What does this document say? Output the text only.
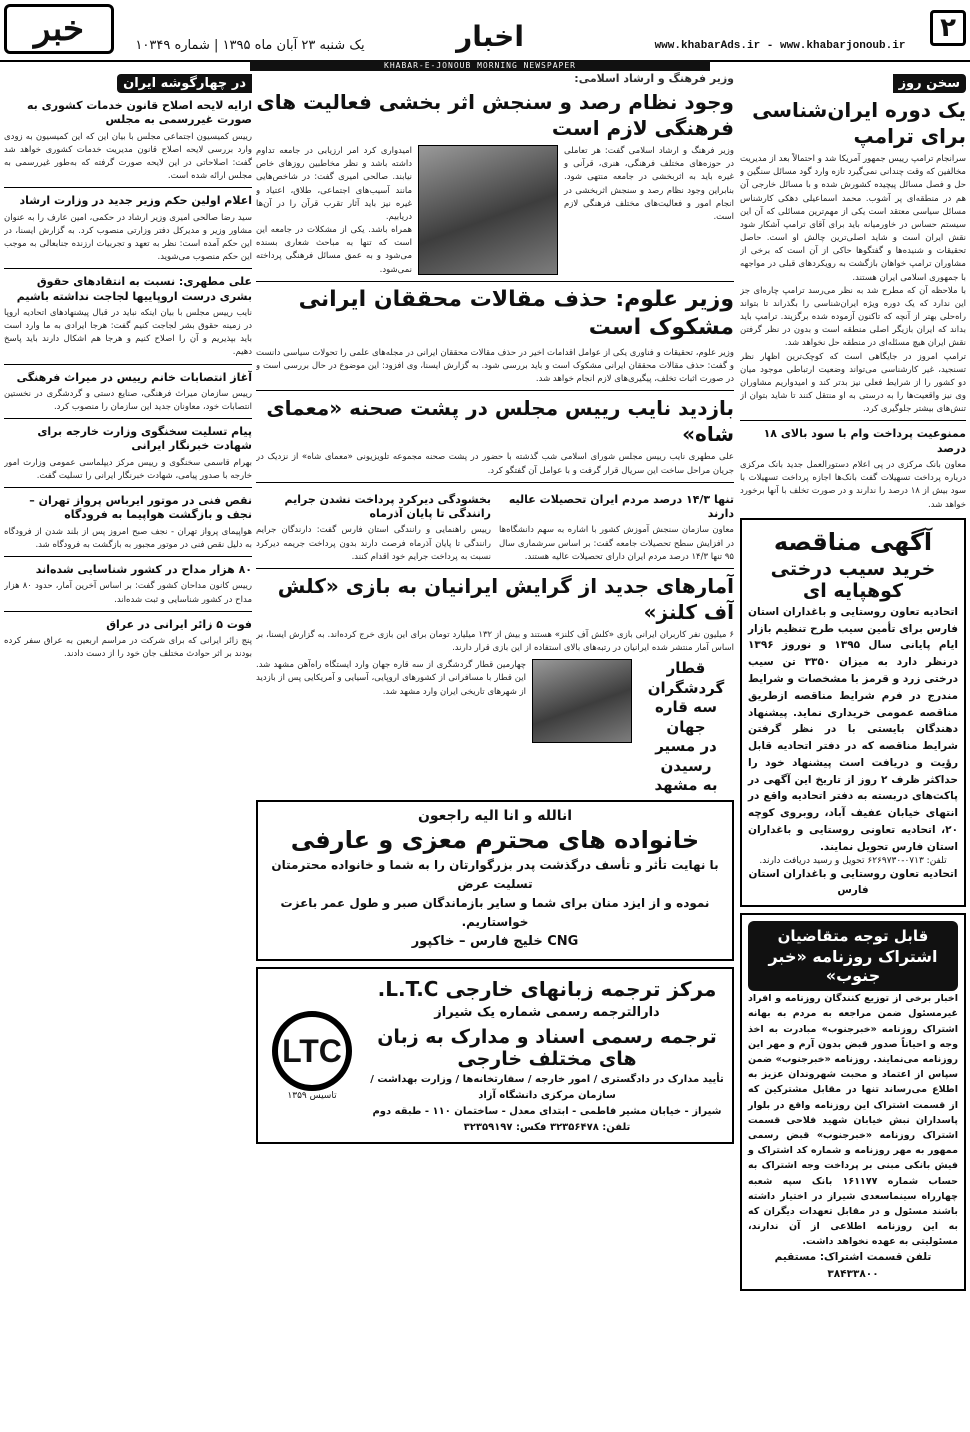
۲
www.khabarAds.ir - www.khabarjonoub.ir
اخبار
یک شنبه ۲۳ آبان ماه ۱۳۹۵ | شماره ۱۰۳۴۹
خبر
KHABAR-E-JONOUB MORNING NEWSPAPER
سخن روز
یک دوره ایران‌شناسی برای ترامپ

سرانجام ترامپ رییس جمهور آمریکا شد و احتمالاً بعد از مدیریت مخالفین که وقت چندانی نمی‌گیرد تازه وارد گود مسائل سنگین و حل و فصل مسائل پیچیده کشورش شده و با مسائل خارجی آن هم در منطقه‌ای پر آشوب. محمد اسماعیلی دهکی کارشناس مسائل سیاسی معتقد است یکی از مهم‌ترین مسائلی که آن این سیستم حساس در خاورمیانه باید برای آقای ترامپ آشکار شود نقش ایران است و شاید اصلی‌ترین چالش او است. حاصل تحقیقات و شنیده‌ها و گفتگوها حاکی از آن است که برخی از مشاوران ترامپ خواهان بازگشت به رویکردهای قبلی در مواجهه با جمهوری اسلامی ایران هستند.

با ملاحظه آن که مطرح شد به نظر می‌رسد ترامپ چاره‌ای جز این ندارد که یک دوره ویژه ایران‌شناسی را بگذراند تا بتواند راه‌حلی بهتر از آنچه که تاکنون آزموده شده برگزیند. ترامپ باید بداند که ایران بازیگر اصلی منطقه است و بدون در نظر گرفتن نقش ایران هیچ مسئله‌ای در منطقه حل نخواهد شد.

ترامپ امروز در جایگاهی است که کوچک‌ترین اظهار نظر تسنجید، غیر کارشناسی می‌تواند وضعیت ارتباطی موجود میان دو کشور را از شرایط فعلی نیز بدتر کند و امیدواریم مشاوران وی نیز واقعیت‌ها را به درستی به او منتقل کنند تا شاید بتوان از تنش‌های بیشتر جلوگیری کرد.

ممنوعیت پرداخت وام با سود بالای ۱۸ درصد

معاون بانک مرکزی در پی اعلام دستورالعمل جدید بانک مرکزی درباره پرداخت تسهیلات گفت بانک‌ها اجازه پرداخت تسهیلات با سود بیش از ۱۸ درصد را ندارند و در صورت تخلف با آنها برخورد خواهد شد.

آگهی مناقصه
خرید سیب درختی کوهپایه ای

اتحادیه تعاون روستایی و باغداران استان فارس برای تأمین سیب طرح تنظیم بازار ایام پایانی سال ۱۳۹۵ و نوروز ۱۳۹۶ درنظر دارد به میزان ۳۳۵۰ تن سیب درختی زرد و قرمز با مشخصات و شرایط مندرج در فرم شرایط مناقصه ازطریق مناقصه عمومی خریداری نماید. پیشنهاد دهندگان بایستی با در نظر گرفتن شرایط مناقصه که در دفتر اتحادیه قابل رؤیت و دریافت است پیشنهاد خود را حداکثر ظرف ۲ روز از تاریخ این آگهی در پاکت‌های دربسته به دفتر اتحادیه واقع در انتهای خیابان عفیف آباد، روبروی کوچه ۲۰، اتحادیه تعاونی روستایی و باغداران استان فارس تحویل نمایند.

تلفن: ۰۷۱۳-۶۲۶۹۷۳۰ تحویل و رسید دریافت دارند.

اتحادیه تعاون روستایی و باغداران استان فارس

قابل توجه متقاضیان
اشتراک روزنامه «خبر جنوب»

اخبار برخی از توزیع کنندگان روزنامه و افراد غیرمسئول ضمن مراجعه به مردم به بهانه اشتراک روزنامه «خبرجنوب» مبادرت به اخذ وجه و احیاناً صدور قبض بدون آرم و مهر این روزنامه می‌نمایند. روزنامه «خبرجنوب» ضمن سپاس از اعتماد و محبت شهروندان عزیز به اطلاع می‌رساند تنها در مقابل مشترکین که از قسمت اشتراک این روزنامه واقع در بلوار پاسداران نبش خیابان شهید فلاحی قسمت اشتراک روزنامه «خبرجنوب» قبض رسمی ممهور به مهر روزنامه و شماره کد اشتراک و فیش بانکی مبنی بر پرداخت وجه اشتراک به حساب شماره ۱۶۱۱۷۷ بانک سپه شعبه چهارراه سینماسعدی شیراز در اختیار داشته باشند مسئول و در مقابل تعهدات دیگران که به این روزنامه اطلاعی از آن ندارند، مسئولیتی به عهده نخواهد داشت.

تلفن قسمت اشتراک: مستقیم ۳۸۴۳۳۸۰۰

وزیر فرهنگ و ارشاد اسلامی:
وجود نظام رصد و سنجش اثر بخشی فعالیت های فرهنگی لازم است

وزیر فرهنگ و ارشاد اسلامی گفت: هر تعاملی در حوزه‌های مختلف فرهنگی، هنری، قرآنی و غیره باید به اثربخشی در جامعه منتهی شود. بنابراین وجود نظام رصد و سنجش اثربخشی در انجام امور و فعالیت‌های مختلف فرهنگی لازم است.

امیدواری کرد امر ارزیابی در جامعه تداوم داشته باشد و نظر مخاطبین روزهای خاص نیابند. صالحی امیری گفت: در شاخص‌هایی مانند آسیب‌های اجتماعی، طلاق، اعتیاد و غیره نیز باید آثار تقرب قرآن را در آن‌ها دریابیم.

همراه باشد. یکی از مشکلات در جامعه این است که تنها به مباحث شعاری بسنده می‌شود و به عمق مسائل فرهنگی پرداخته نمی‌شود.

وزیر علوم: حذف مقالات محققان ایرانی مشکوک است

وزیر علوم، تحقیقات و فناوری یکی از عوامل اقدامات اخیر در حذف مقالات محققان ایرانی در مجله‌های علمی را تحولات سیاسی دانست و گفت: حذف مقالات محققان ایرانی مشکوک است و باید بررسی شود. به گزارش ایسنا، وی افزود: این موضوع در حال بررسی است و در صورت اثبات تخلف، پیگیری‌های لازم انجام خواهد شد.

بازدید نایب رییس مجلس در پشت صحنه «معمای شاه»

علی مطهری نایب رییس مجلس شورای اسلامی شب گذشته با حضور در پشت صحنه مجموعه تلویزیونی «معمای شاه» از نزدیک در جریان مراحل ساخت این سریال قرار گرفت و با عوامل آن گفتگو کرد.

تنها ۱۴/۳ درصد مردم ایران تحصیلات عالیه دارند

معاون سازمان سنجش آموزش کشور با اشاره به سهم دانشگاه‌ها در افزایش سطح تحصیلات جامعه گفت: بر اساس سرشماری سال ۹۵ تنها ۱۴/۳ درصد مردم ایران دارای تحصیلات عالیه هستند.

بخشودگی دیرکرد پرداخت نشدن جرایم رانندگی تا پایان آذرماه

رییس راهنمایی و رانندگی استان فارس گفت: دارندگان جرایم رانندگی تا پایان آذرماه فرصت دارند بدون پرداخت جریمه دیرکرد نسبت به پرداخت جرایم خود اقدام کنند.

آمارهای جدید از گرایش ایرانیان به بازی «کلش آف کلنز»

۶ میلیون نفر کاربران ایرانی بازی «کلش آف کلنز» هستند و بیش از ۱۳۲ میلیارد تومان برای این بازی خرج کرده‌اند. به گزارش ایسنا، بر اساس آمار منتشر شده ایرانیان در رتبه‌های بالای استفاده از این بازی قرار دارند.

قطار گردشگران
سه قاره جهان
در مسیر رسیدن
به مشهد

چهارمین قطار گردشگری از سه قاره جهان وارد ایستگاه راه‌آهن مشهد شد. این قطار با مسافرانی از کشورهای اروپایی، آسیایی و آمریکایی پس از بازدید از شهرهای تاریخی ایران وارد مشهد شد.

انالله و انا الیه راجعون
خانواده های محترم معزی و عارفی

با نهایت تأثر و تأسف درگذشت پدر بزرگوارتان را به شما و خانواده محترمتان تسلیت عرض

نموده و از ایزد منان برای شما و سایر بازماندگان صبر و طول عمر باعزت خواستاریم.

CNG خلیج فارس – خاکپور

مرکز ترجمه زبانهای خارجی L.T.C.
دارالترجمه رسمی شماره یک شیراز
ترجمه رسمی اسناد و مدارک به زبان های مختلف خارجی
تأیید مدارک در دادگستری / امور خارجه / سفارتخانه‌ها / وزارت بهداشت / سازمان مرکزی دانشگاه آزاد
شیراز - خیابان مشیر فاطمی - ابتدای معدل - ساختمان ۱۱۰ - طبقه دوم تلفن: ۳۲۳۵۶۴۷۸ فکس: ۳۲۳۵۹۱۹۷
LTC
تاسیس ۱۳۵۹
در چهارگوشه ایران
ارایه لایحه اصلاح قانون خدمات کشوری به صورت غیررسمی به مجلس

رییس کمیسیون اجتماعی مجلس با بیان این که این کمیسیون به زودی وارد بررسی لایحه اصلاح قانون مدیریت خدمات کشوری خواهد شد گفت: اصلاحاتی در این لایحه صورت گرفته که به‌طور غیررسمی به مجلس ارائه شده است.

اعلام اولین حکم وزیر جدید در وزارت ارشاد

سید رضا صالحی امیری وزیر ارشاد در حکمی، امین عارف را به عنوان مشاور وزیر و مدیرکل دفتر وزارتی منصوب کرد. به گزارش ایسنا، در این حکم آمده است: نظر به تعهد و تجربیات ارزنده جنابعالی به موجب این حکم منصوب می‌شوید.

علی مطهری: نسبت به انتقادهای حقوق بشری درست اروپاییها لجاجت نداشته باشیم

نایب رییس مجلس با بیان اینکه نباید در قبال پیشنهادهای اتحادیه اروپا در زمینه حقوق بشر لجاجت کنیم گفت: هرجا ایرادی به ما وارد است باید بپذیریم و آن را اصلاح کنیم و هرجا هم اشکال دارند باید پاسخ دهیم.

آغاز انتصابات خانم رییس در میراث فرهنگی

رییس سازمان میراث فرهنگی، صنایع دستی و گردشگری در نخستین انتصابات خود، معاونان جدید این سازمان را منصوب کرد.

پیام تسلیت سخنگوی وزارت خارجه برای شهادت خبرنگار ایرانی

بهرام قاسمی سخنگوی و رییس مرکز دیپلماسی عمومی وزارت امور خارجه با صدور پیامی، شهادت خبرنگار ایرانی را تسلیت گفت.

نقص فنی در موتور ایرباس پرواز تهران – نجف و بازگشت هواپیما به فرودگاه

هواپیمای پرواز تهران - نجف صبح امروز پس از بلند شدن از فرودگاه به دلیل نقص فنی در موتور مجبور به بازگشت به فرودگاه شد.

۸۰ هزار مداح در کشور شناسایی شده‌اند

رییس کانون مداحان کشور گفت: بر اساس آخرین آمار، حدود ۸۰ هزار مداح در کشور شناسایی و ثبت شده‌اند.

فوت ۵ زائر ایرانی در عراق

پنج زائر ایرانی که برای شرکت در مراسم اربعین به عراق سفر کرده بودند بر اثر حوادث مختلف جان خود را از دست دادند.
